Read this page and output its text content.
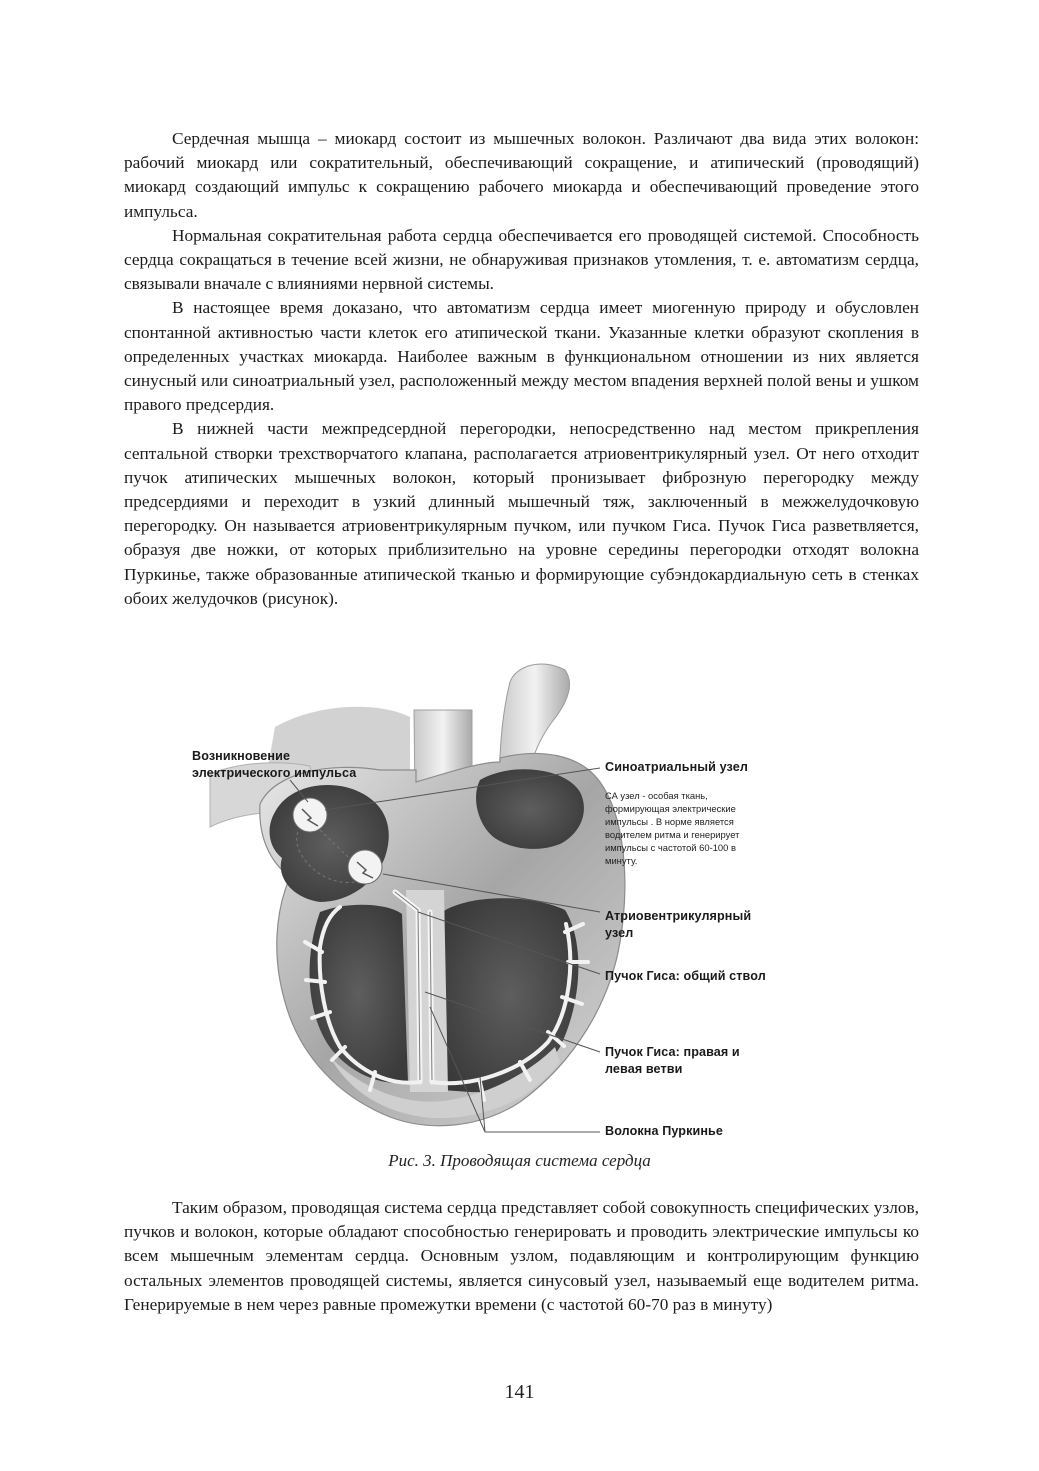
Сердечная мышца – миокард состоит из мышечных волокон. Различают два вида этих волокон: рабочий миокард или сократительный, обеспечивающий сокращение, и атипический (проводящий) миокард создающий импульс к сокращению рабочего миокарда и обеспечивающий проведение этого импульса.

Нормальная сократительная работа сердца обеспечивается его проводящей системой. Способность сердца сокращаться в течение всей жизни, не обнаруживая признаков утомления, т. е. автоматизм сердца, связывали вначале с влияниями нервной системы.

В настоящее время доказано, что автоматизм сердца имеет миогенную природу и обусловлен спонтанной активностью части клеток его атипической ткани. Указанные клетки образуют скопления в определенных участках миокарда. Наиболее важным в функциональном отношении из них является синусный или синоатриальный узел, расположенный между местом впадения верхней полой вены и ушком правого предсердия.

В нижней части межпредсердной перегородки, непосредственно над местом прикрепления септальной створки трехстворчатого клапана, располагается атриовентрикулярный узел. От него отходит пучок атипических мышечных волокон, который пронизывает фиброзную перегородку между предсердиями и переходит в узкий длинный мышечный тяж, заключенный в межжелудочковую перегородку. Он называется атриовентрикулярным пучком, или пучком Гиса. Пучок Гиса разветвляется, образуя две ножки, от которых приблизительно на уровне середины перегородки отходят волокна Пуркинье, также образованные атипической тканью и формирующие субэндокардиальную сеть в стенках обоих желудочков (рисунок).

Возникновение
электрического импульса	Синоатриальный узел
СА узел - особая ткань,
формирующая электрические
импульсы . В норме является
водителем ритма и генерирует
импульсы с частотой 60-100 в
минуту.
Атриовентрикулярный
узел
Пучок Гиса: общий ствол
Пучок Гиса: правая и
левая ветви
Волокна Пуркинье
Рис. 3. Проводящая система сердца

Таким образом, проводящая система сердца представляет собой совокупность специфических узлов, пучков и волокон, которые обладают способностью генерировать и проводить электрические импульсы ко всем мышечным элементам сердца. Основным узлом, подавляющим и контролирующим функцию остальных элементов проводящей системы, является синусовый узел, называемый еще водителем ритма. Генерируемые в нем через равные промежутки времени (с частотой 60-70 раз в минуту)

141
